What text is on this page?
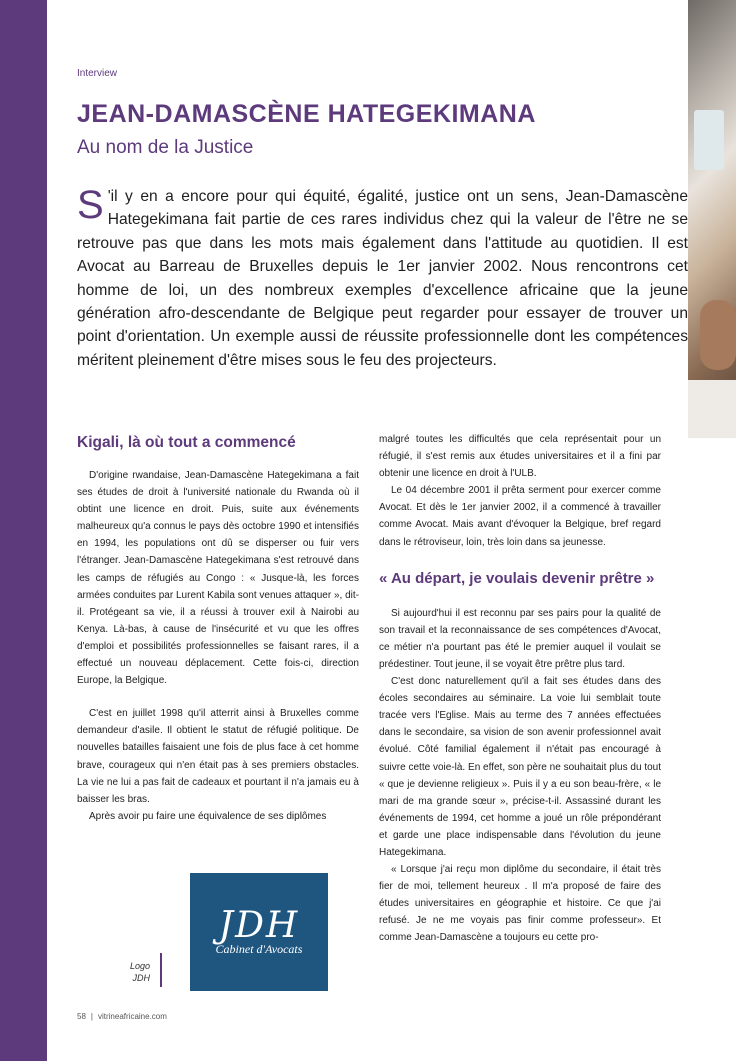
Interview
JEAN-DAMASCÈNE HATEGEKIMANA
Au nom de la Justice

S 'il y en a encore pour qui équité, égalité, justice ont un sens, Jean-Damascène Hategekimana fait partie de ces rares individus chez qui la valeur de l'être ne se retrouve pas que dans les mots mais également dans l'attitude au quotidien. Il est Avocat au Barreau de Bruxelles depuis le 1er janvier 2002. Nous rencontrons cet homme de loi, un des nombreux exemples d'excellence africaine que la jeune génération afro-descendante de Belgique peut regarder pour essayer de trouver un point d'orientation. Un exemple aussi de réussite professionnelle dont les compétences méritent pleinement d'être mises sous le feu des projecteurs.

Kigali, là où tout a commencé

D'origine rwandaise, Jean-Damascène Hategekimana a fait ses études de droit à l'université nationale du Rwanda où il obtint une licence en droit. Puis, suite aux événements malheureux qu'a connus le pays dès octobre 1990 et intensifiés en 1994, les populations ont dû se disperser ou fuir vers l'étranger. Jean-Damascène Hategekimana s'est retrouvé dans les camps de réfugiés au Congo : « Jusque-là, les forces armées conduites par Lurent Kabila sont venues attaquer », dit-il. Protégeant sa vie, il a réussi à trouver exil à Nairobi au Kenya. Là-bas, à cause de l'insécurité et vu que les offres d'emploi et possibilités professionnelles se faisant rares, il a effectué un nouveau déplacement. Cette fois-ci, direction Europe, la Belgique.

C'est en juillet 1998 qu'il atterrit ainsi à Bruxelles comme demandeur d'asile. Il obtient le statut de réfugié politique. De nouvelles batailles faisaient une fois de plus face à cet homme brave, courageux qui n'en était pas à ses premiers obstacles. La vie ne lui a pas fait de cadeaux et pourtant il n'a jamais eu à baisser les bras.

Après avoir pu faire une équivalence de ses diplômes

malgré toutes les difficultés que cela représentait pour un réfugié, il s'est remis aux études universitaires et il a fini par obtenir une licence en droit à l'ULB.

Le 04 décembre 2001 il prêta serment pour exercer comme Avocat. Et dès le 1er janvier 2002, il a commencé à travailler comme Avocat. Mais avant d'évoquer la Belgique, bref regard dans le rétroviseur, loin, très loin dans sa jeunesse.

« Au départ, je voulais devenir prêtre »

Si aujourd'hui il est reconnu par ses pairs pour la qualité de son travail et la reconnaissance de ses compétences d'Avocat, ce métier n'a pourtant pas été le premier auquel il voulait se prédestiner. Tout jeune, il se voyait être prêtre plus tard.

C'est donc naturellement qu'il a fait ses études dans des écoles secondaires au séminaire. La voie lui semblait toute tracée vers l'Eglise. Mais au terme des 7 années effectuées dans le secondaire, sa vision de son avenir professionnel avait évolué. Côté familial également il n'était pas encouragé à suivre cette voie-là. En effet, son père ne souhaitait plus du tout « que je devienne religieux ». Puis il y a eu son beau-frère, « le mari de ma grande sœur », précise-t-il. Assassiné durant les événements de 1994, cet homme a joué un rôle prépondérant et garde une place indispensable dans l'évolution du jeune Hategekimana.

« Lorsque j'ai reçu mon diplôme du secondaire, il était très fier de moi, tellement heureux . Il m'a proposé de faire des études universitaires en géographie et histoire. Ce que j'ai refusé. Je ne me voyais pas finir comme professeur». Et comme Jean-Damascène a toujours eu cette pro-

JDH
Cabinet d'Avocats
Logo
JDH
58 | vitrineafricaine.com
